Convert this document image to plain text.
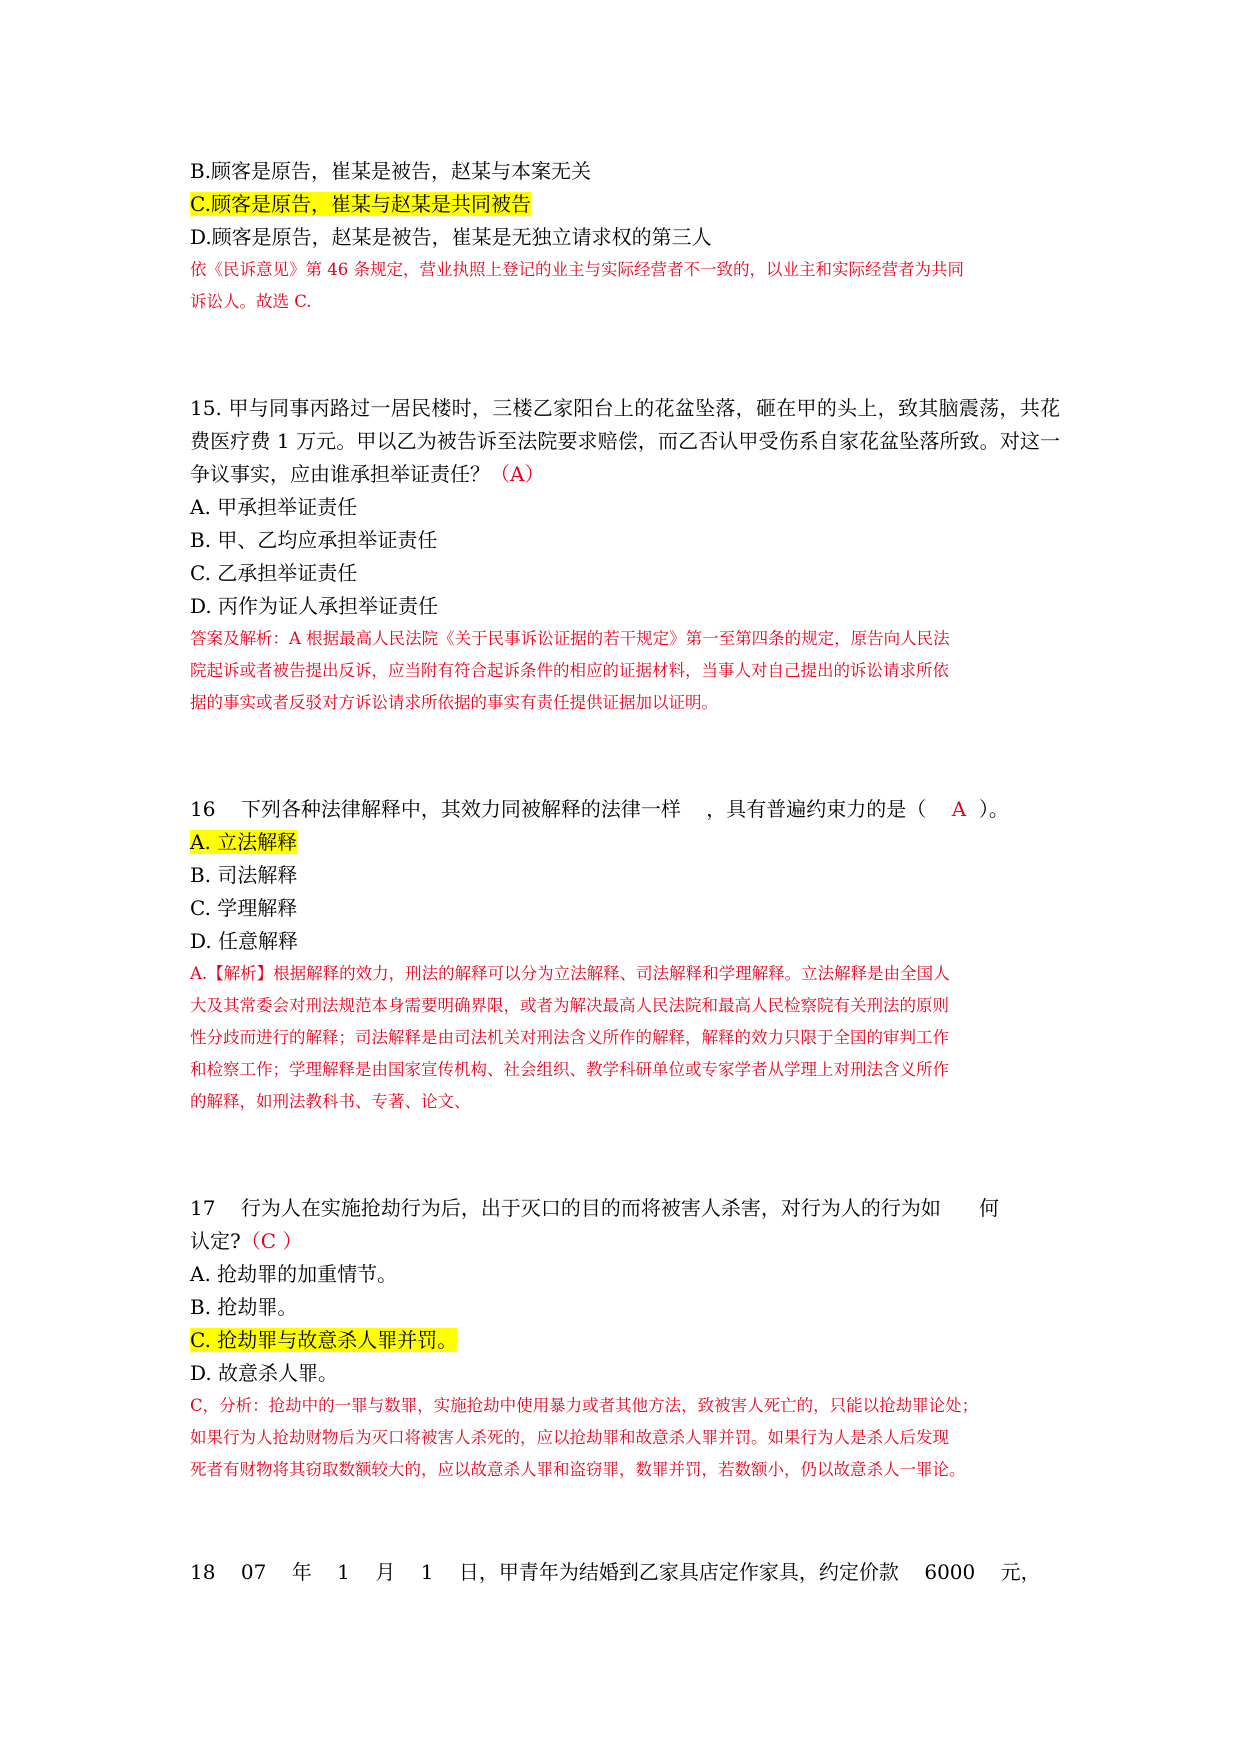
B.顾客是原告，崔某是被告，赵某与本案无关
C.顾客是原告，崔某与赵某是共同被告
D.顾客是原告，赵某是被告，崔某是无独立请求权的第三人
依《民诉意见》第 46 条规定，营业执照上登记的业主与实际经营者不一致的，以业主和实际经营者为共同
诉讼人。故选 C.
15. 甲与同事丙路过一居民楼时，三楼乙家阳台上的花盆坠落，砸在甲的头上，致其脑震荡，共花费医疗费 1 万元。甲以乙为被告诉至法院要求赔偿，而乙否认甲受伤系自家花盆坠落所致。对这一争议事实，应由谁承担举证责任？（A）
A. 甲承担举证责任
B. 甲、乙均应承担举证责任
C. 乙承担举证责任
D. 丙作为证人承担举证责任
答案及解析：A 根据最高人民法院《关于民事诉讼证据的若干规定》第一至第四条的规定，原告向人民法
院起诉或者被告提出反诉，应当附有符合起诉条件的相应的证据材料，当事人对自己提出的诉讼请求所依
据的事实或者反驳对方诉讼请求所依据的事实有责任提供证据加以证明。
16    下列各种法律解释中，其效力同被解释的法律一样    ，具有普遍约束力的是（    A  ）。
A. 立法解释
B. 司法解释
C. 学理解释
D. 任意解释
A.【解析】根据解释的效力，刑法的解释可以分为立法解释、司法解释和学理解释。立法解释是由全国人
大及其常委会对刑法规范本身需要明确界限，或者为解决最高人民法院和最高人民检察院有关刑法的原则
性分歧而进行的解释；司法解释是由司法机关对刑法含义所作的解释，解释的效力只限于全国的审判工作
和检察工作；学理解释是由国家宣传机构、社会组织、教学科研单位或专家学者从学理上对刑法含义所作
的解释，如刑法教科书、专著、论文、
17    行为人在实施抢劫行为后，出于灭口的目的而将被害人杀害，对行为人的行为如      何
认定?（C ）
A. 抢劫罪的加重情节。
B. 抢劫罪。
C. 抢劫罪与故意杀人罪并罚。
D. 故意杀人罪。
C，分析：抢劫中的一罪与数罪，实施抢劫中使用暴力或者其他方法，致被害人死亡的，只能以抢劫罪论处；
如果行为人抢劫财物后为灭口将被害人杀死的，应以抢劫罪和故意杀人罪并罚。如果行为人是杀人后发现
死者有财物将其窃取数额较大的，应以故意杀人罪和盗窃罪，数罪并罚，若数额小，仍以故意杀人一罪论。
18    07    年    1    月    1    日，甲青年为结婚到乙家具店定作家具，约定价款    6000    元，
